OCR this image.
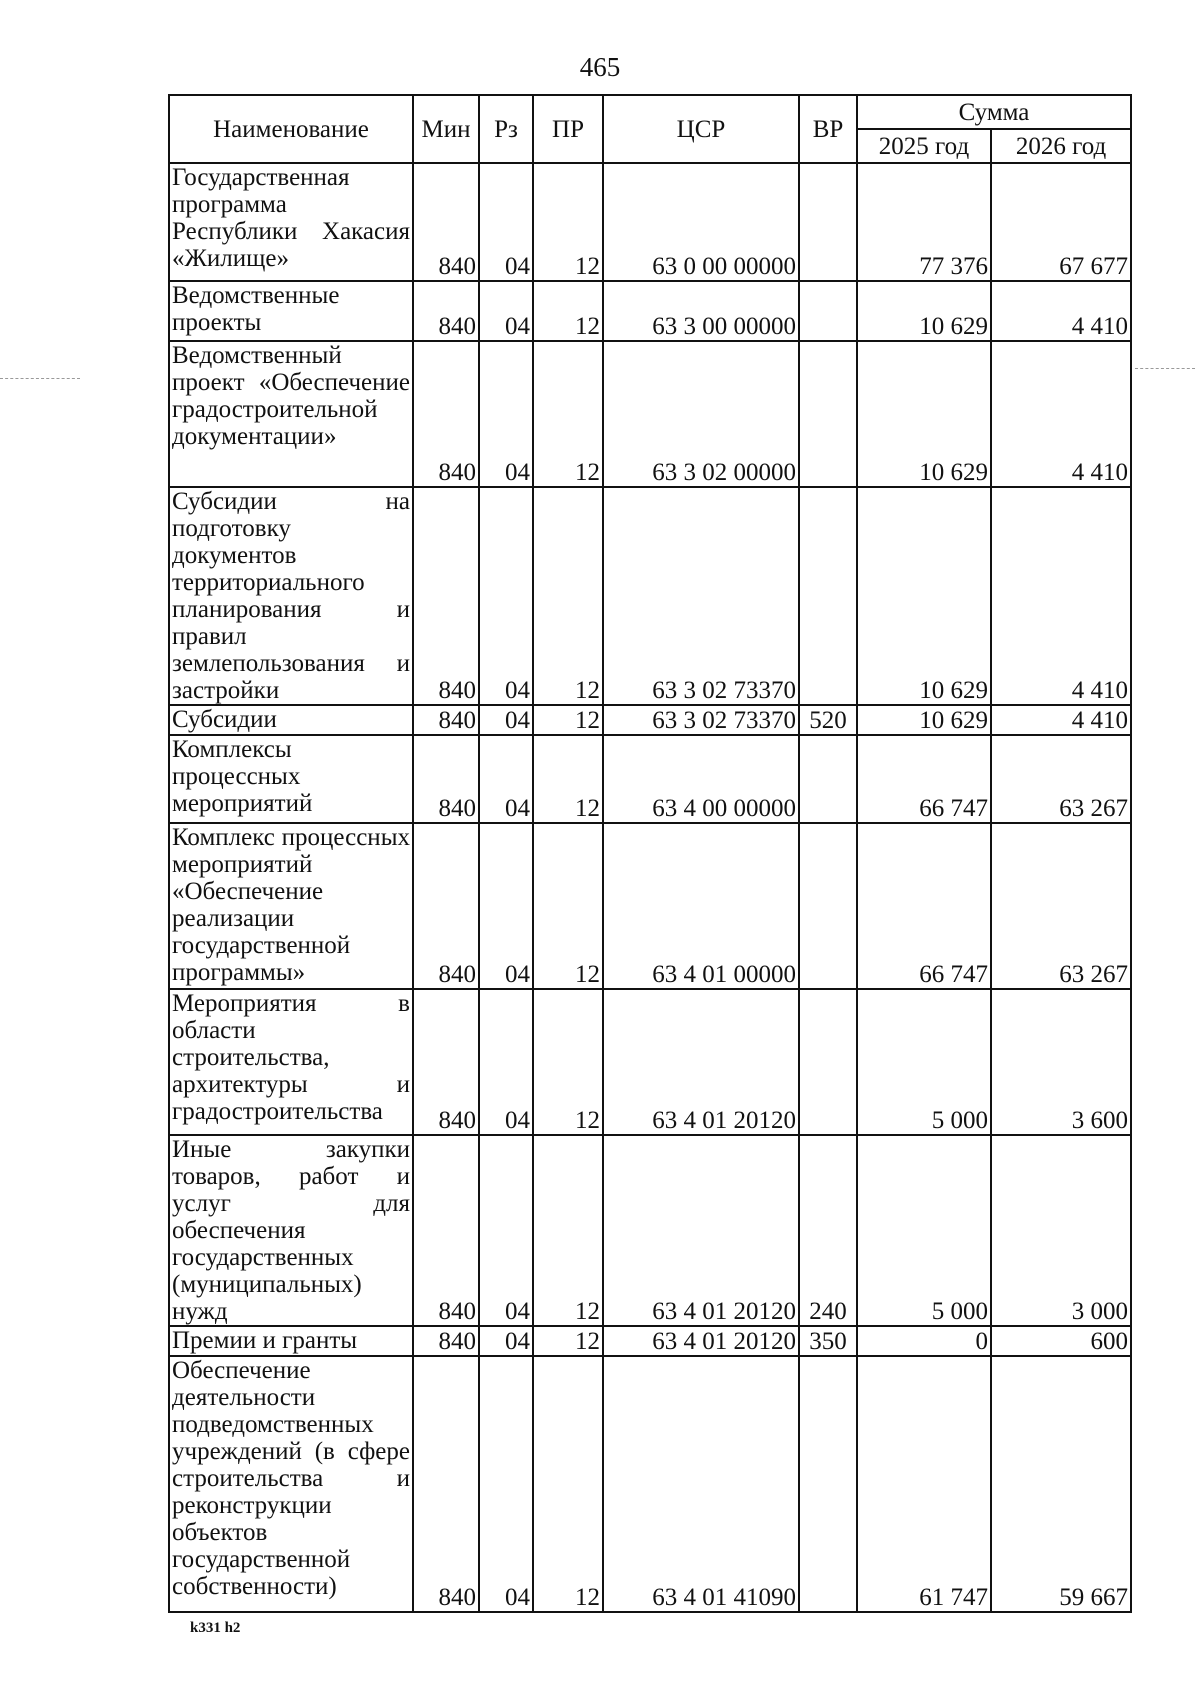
465
Наименование	Мин	Рз	ПР	ЦСР	ВР	Сумма	
						2025 год	2026 год
Государственная программа Республики Хакасия «Жилище»	840	04	12	63 0 00 00000		77 376	67 677
Ведомственные проекты	840	04	12	63 3 00 00000		10 629	4 410
Ведомственный проект «Обеспечение градостроительной документации»	840	04	12	63 3 02 00000		10 629	4 410
Субсидии на подготовку документов территориального планирования и правил землепользования и застройки	840	04	12	63 3 02 73370		10 629	4 410
Субсидии	840	04	12	63 3 02 73370	520	10 629	4 410
Комплексы процессных мероприятий	840	04	12	63 4 00 00000		66 747	63 267
Комплекс процессных мероприятий «Обеспечение реализации государственной программы»	840	04	12	63 4 01 00000		66 747	63 267
Мероприятия в области строительства, архитектуры и градостроительства	840	04	12	63 4 01 20120		5 000	3 600
Иные закупки товаров, работ и услуг для обеспечения государственных (муниципальных) нужд	840	04	12	63 4 01 20120	240	5 000	3 000
Премии и гранты	840	04	12	63 4 01 20120	350	0	600
Обеспечение деятельности подведомственных учреждений (в сфере строительства и реконструкции объектов государственной собственности)	840	04	12	63 4 01 41090		61 747	59 667
k331 h2
